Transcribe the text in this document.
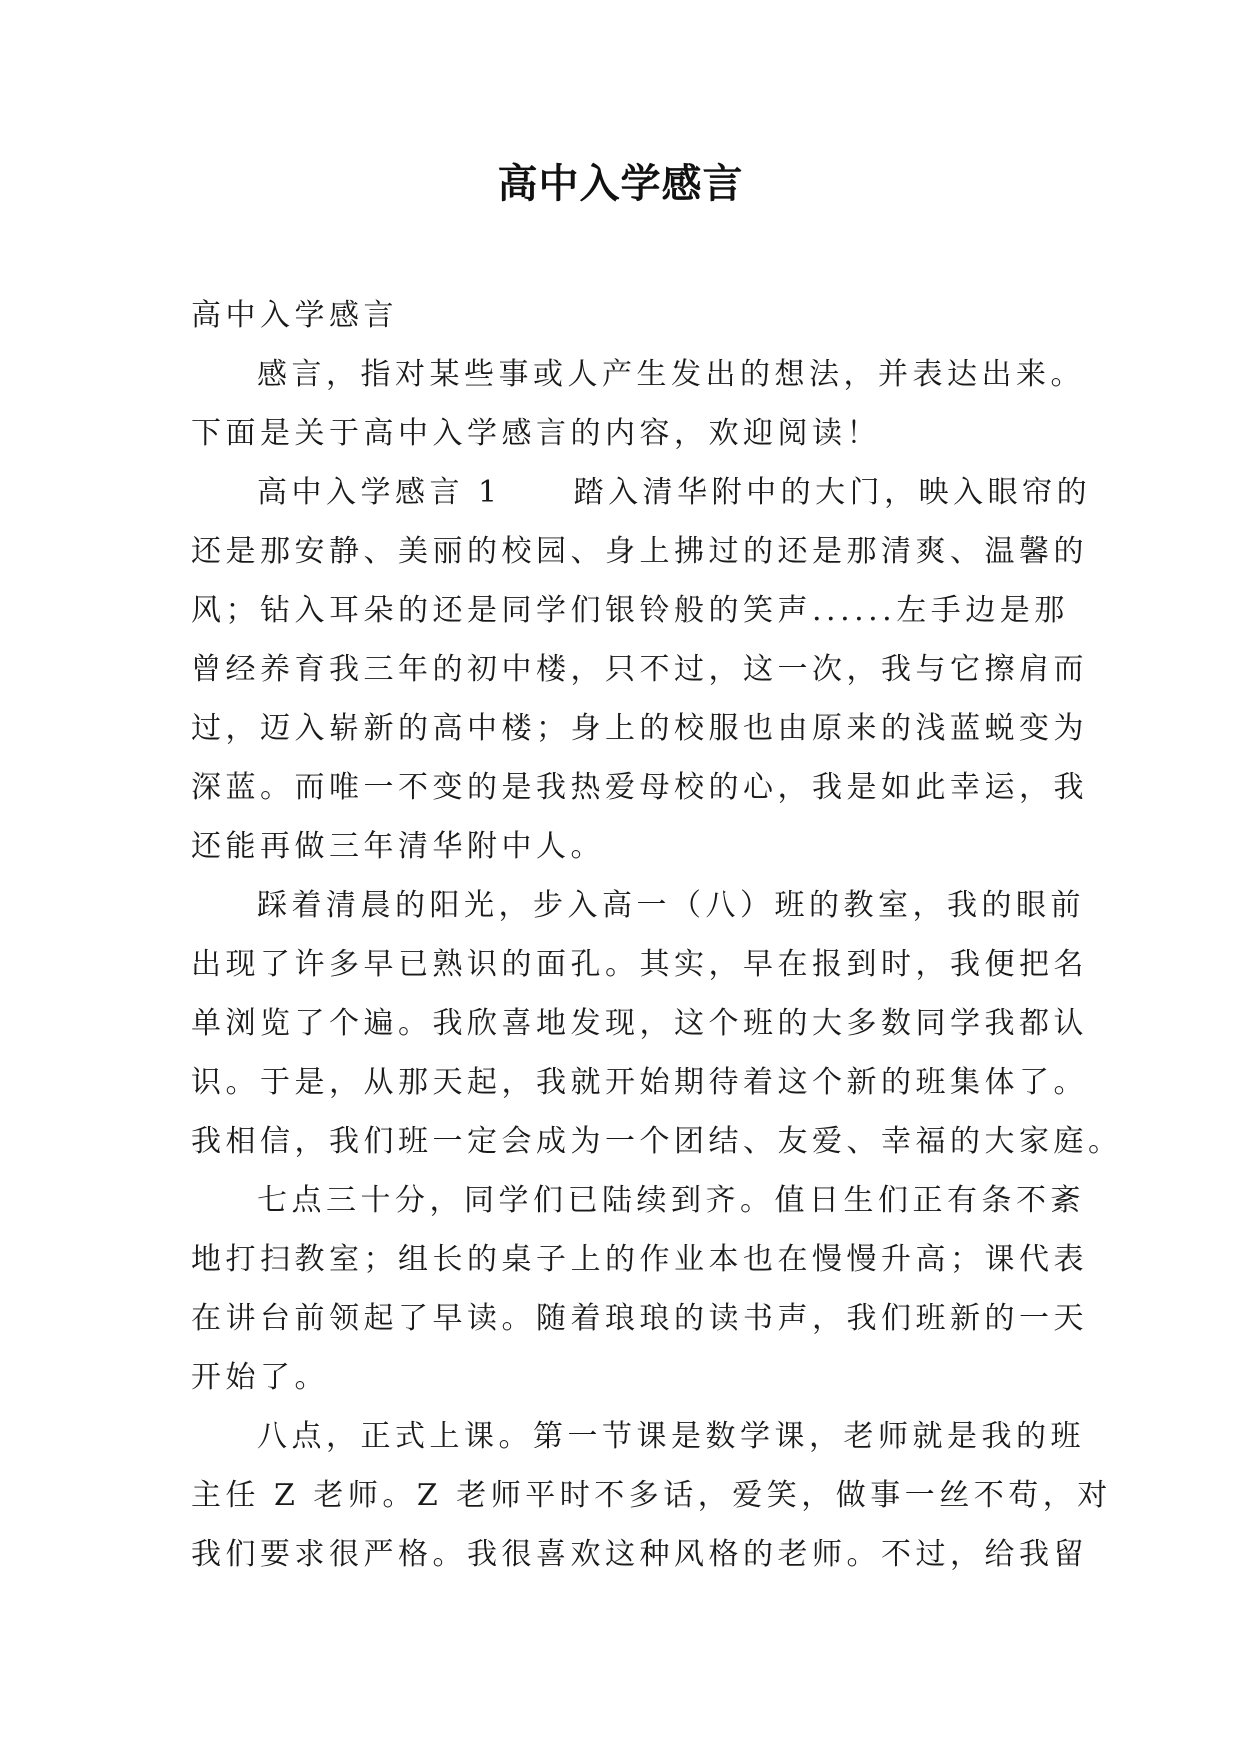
高中入学感言
高中入学感言
感言，指对某些事或人产生发出的想法，并表达出来。
下面是关于高中入学感言的内容，欢迎阅读！
高中入学感言 1 踏入清华附中的大门，映入眼帘的
还是那安静、美丽的校园、身上拂过的还是那清爽、温馨的
风；钻入耳朵的还是同学们银铃般的笑声......左手边是那
曾经养育我三年的初中楼，只不过，这一次，我与它擦肩而
过，迈入崭新的高中楼；身上的校服也由原来的浅蓝蜕变为
深蓝。而唯一不变的是我热爱母校的心，我是如此幸运，我
还能再做三年清华附中人。
踩着清晨的阳光，步入高一（八）班的教室，我的眼前
出现了许多早已熟识的面孔。其实，早在报到时，我便把名
单浏览了个遍。我欣喜地发现，这个班的大多数同学我都认
识。于是，从那天起，我就开始期待着这个新的班集体了。
我相信，我们班一定会成为一个团结、友爱、幸福的大家庭。
七点三十分，同学们已陆续到齐。值日生们正有条不紊
地打扫教室；组长的桌子上的作业本也在慢慢升高；课代表
在讲台前领起了早读。随着琅琅的读书声，我们班新的一天
开始了。
八点，正式上课。第一节课是数学课，老师就是我的班
主任 Z 老师。Z 老师平时不多话，爱笑，做事一丝不苟，对
我们要求很严格。我很喜欢这种风格的老师。不过，给我留
